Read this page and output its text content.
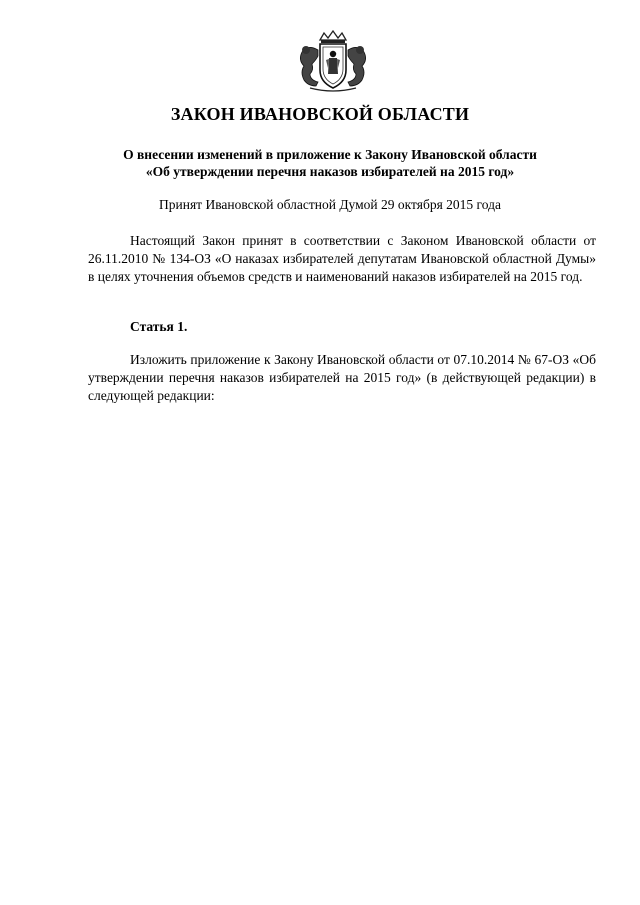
ЗАКОН ИВАНОВСКОЙ ОБЛАСТИ
О внесении изменений в приложение к Закону Ивановской области
«Об утверждении перечня наказов избирателей на 2015 год»
Принят Ивановской областной Думой 29 октября 2015 года
Настоящий Закон принят в соответствии с Законом Ивановской области от 26.11.2010 № 134-ОЗ «О наказах избирателей депутатам Ивановской областной Думы» в целях уточнения объемов средств и наименований наказов избирателей на 2015 год.
Статья 1.
Изложить приложение к Закону Ивановской области от 07.10.2014 № 67-ОЗ «Об утверждении перечня наказов избирателей на 2015 год» (в действующей редакции) в следующей редакции:
